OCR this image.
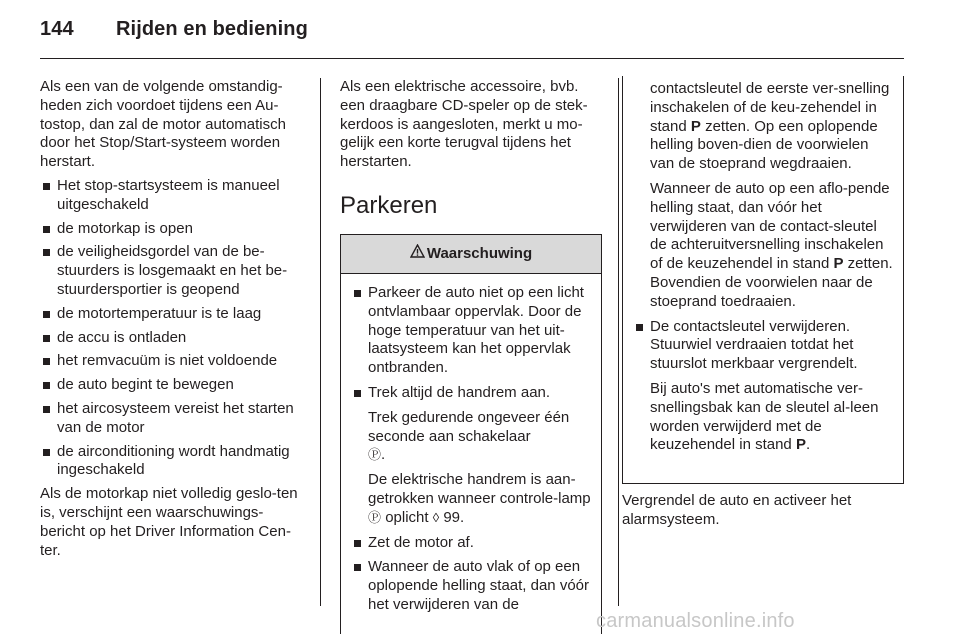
144 Rijden en bediening

Als een van de volgende omstandig-heden zich voordoet tijdens een Au-tostop, dan zal de motor automatisch door het Stop/Start-systeem worden herstart.

Het stop-startsysteem is manueel uitgeschakeld
de motorkap is open
de veiligheidsgordel van de be-stuurders is losgemaakt en het be-stuurdersportier is geopend
de motortemperatuur is te laag
de accu is ontladen
het remvacuüm is niet voldoende
de auto begint te bewegen
het aircosysteem vereist het starten van de motor
de airconditioning wordt handmatig ingeschakeld

Als de motorkap niet volledig geslo-ten is, verschijnt een waarschuwings-bericht op het Driver Information Cen-ter.

Als een elektrische accessoire, bvb. een draagbare CD-speler op de stek-kerdoos is aangesloten, merkt u mo-gelijk een korte terugval tijdens het herstarten.

Parkeren
Waarschuwing
Parkeer de auto niet op een licht ontvlambaar oppervlak. Door de hoge temperatuur van het uit-laatsysteem kan het oppervlak ontbranden.
Trek altijd de handrem aan.

Trek gedurende ongeveer één seconde aan schakelaar
Ⓟ.

De elektrische handrem is aan-getrokken wanneer controle-lamp Ⓟ oplicht ◊ 99.

Zet de motor af.
Wanneer de auto vlak of op een oplopende helling staat, dan vóór het verwijderen van de

contactsleutel de eerste ver-snelling inschakelen of de keu-zehendel in stand P zetten. Op een oplopende helling boven-dien de voorwielen van de stoeprand wegdraaien.

Wanneer de auto op een aflo-pende helling staat, dan vóór het verwijderen van de contact-sleutel de achteruitversnelling inschakelen of de keuzehendel in stand P zetten. Bovendien de voorwielen naar de stoeprand toedraaien.

De contactsleutel verwijderen. Stuurwiel verdraaien totdat het stuurslot merkbaar vergrendelt.

Bij auto's met automatische ver-snellingsbak kan de sleutel al-leen worden verwijderd met de keuzehendel in stand P.

Vergrendel de auto en activeer het alarmsysteem.

carmanualsonline.info
